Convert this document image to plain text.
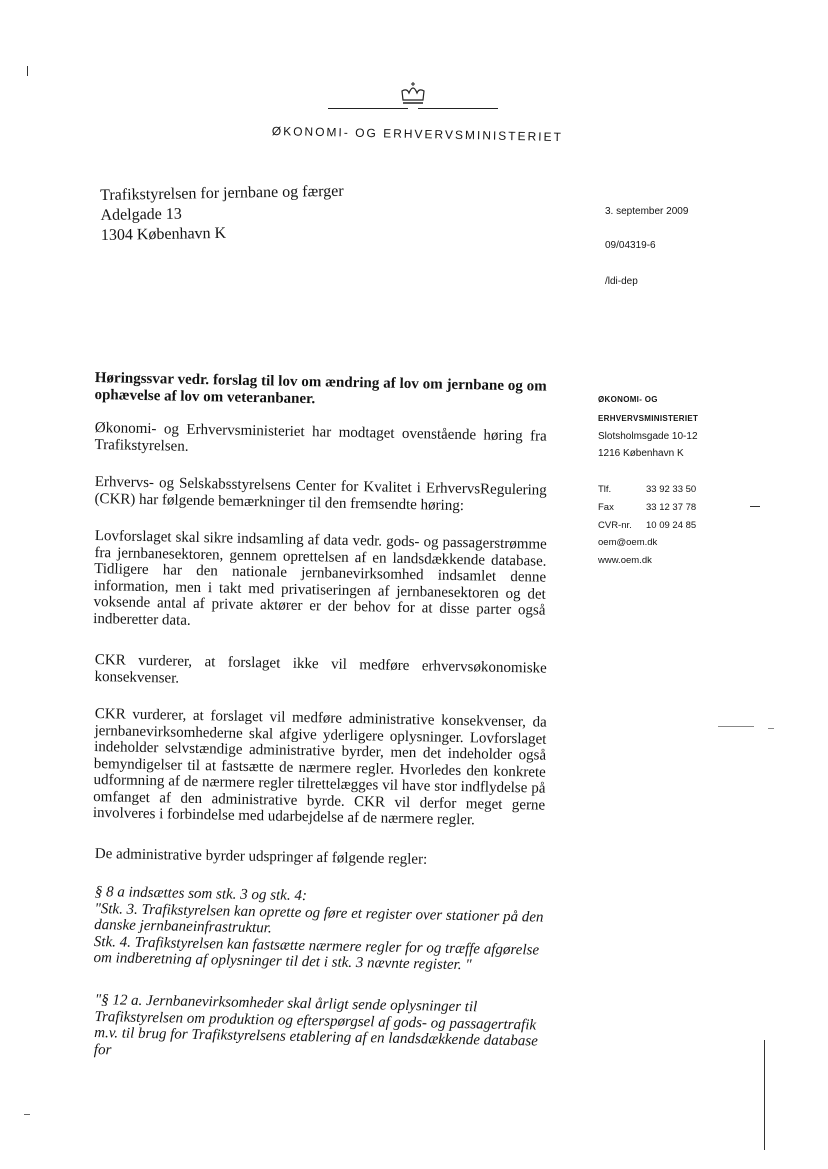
ØKONOMI- OG ERHVERVSMINISTERIET
Trafikstyrelsen for jernbane og færger
Adelgade 13
1304 København K
3. september 2009
09/04319-6
/ldi-dep
ØKONOMI- OG
ERHVERVSMINISTERIET
Slotsholmsgade 10-12
1216 København K
Tlf.	33 92 33 50
Fax	33 12 37 78
CVR-nr. 10 09 24 85
oem@oem.dk
www.oem.dk
Høringssvar vedr. forslag til lov om ændring af lov om jernbane og om ophævelse af lov om veteranbaner.
Økonomi- og Erhvervsministeriet har modtaget ovenstående høring fra Trafikstyrelsen.
Erhvervs- og Selskabsstyrelsens Center for Kvalitet i ErhvervsRegulering (CKR) har følgende bemærkninger til den fremsendte høring:
Lovforslaget skal sikre indsamling af data vedr. gods- og passagerstrømme fra jernbanesektoren, gennem oprettelsen af en landsdækkende database. Tidligere har den nationale jernbanevirksomhed indsamlet denne information, men i takt med privatiseringen af jernbanesektoren og det voksende antal af private aktører er der behov for at disse parter også indberetter data.
CKR vurderer, at forslaget ikke vil medføre erhvervsøkonomiske konsekvenser.
CKR vurderer, at forslaget vil medføre administrative konsekvenser, da jernbanevirksomhederne skal afgive yderligere oplysninger. Lovforslaget indeholder selvstændige administrative byrder, men det indeholder også bemyndigelser til at fastsætte de nærmere regler. Hvorledes den konkrete udformning af de nærmere regler tilrettelægges vil have stor indflydelse på omfanget af den administrative byrde. CKR vil derfor meget gerne involveres i forbindelse med udarbejdelse af de nærmere regler.
De administrative byrder udspringer af følgende regler:
§ 8 a indsættes som stk. 3 og stk. 4:
"Stk. 3. Trafikstyrelsen kan oprette og føre et register over stationer på den danske jernbaneinfrastruktur.
Stk. 4. Trafikstyrelsen kan fastsætte nærmere regler for og træffe afgørelse om indberetning af oplysninger til det i stk. 3 nævnte register. "
"§ 12 a. Jernbanevirksomheder skal årligt sende oplysninger til Trafikstyrelsen om produktion og efterspørgsel af gods- og passagertrafik m.v. til brug for Trafikstyrelsens etablering af en landsdækkende database for
